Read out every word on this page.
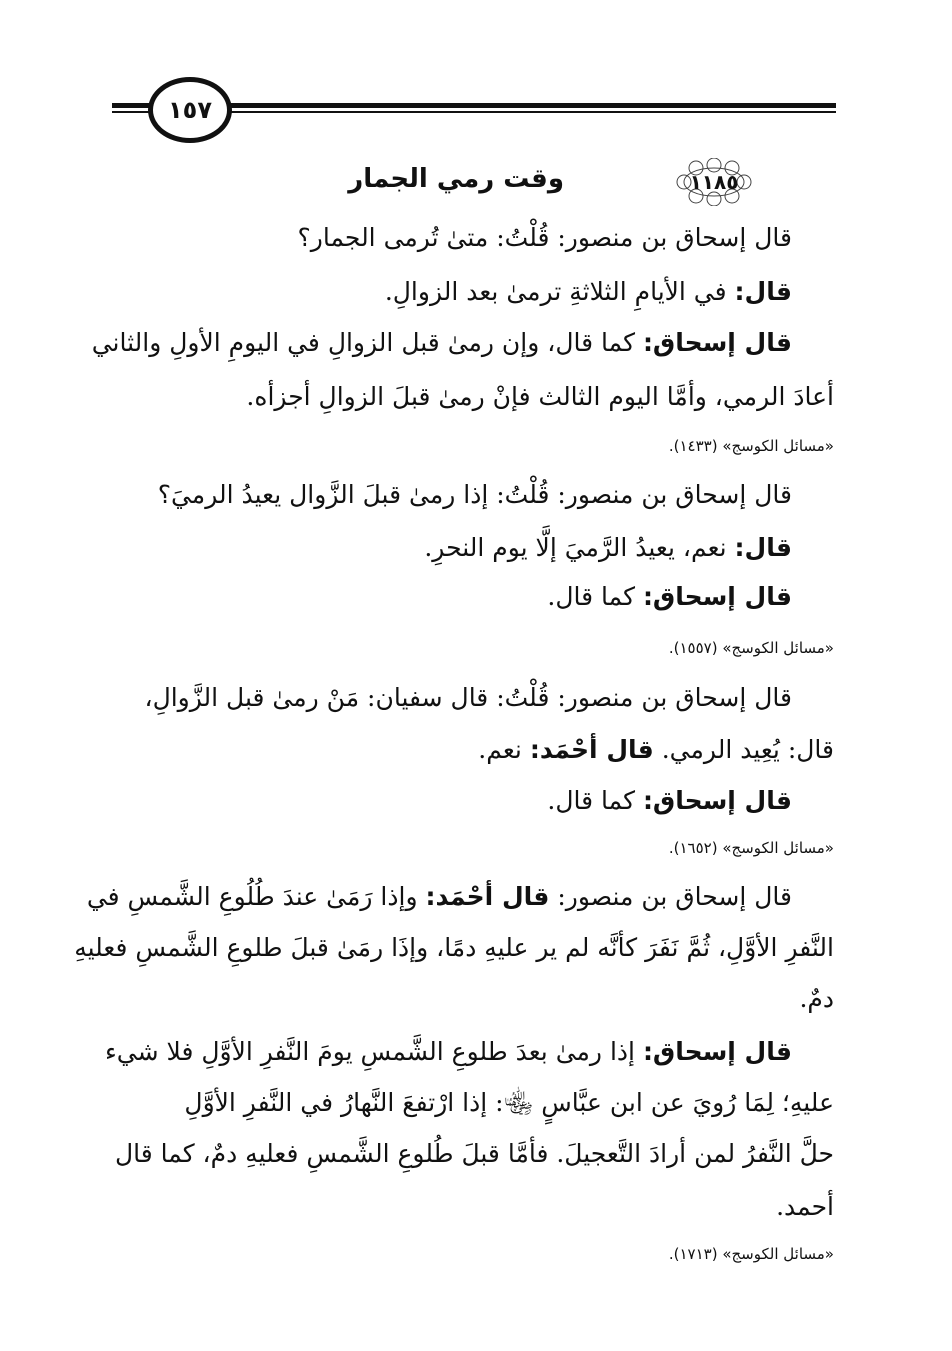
١٥٧
١١٨٥
وقت رمي الجمار
قال إسحاق بن منصور: قُلْتُ: متىٰ تُرمى الجمار؟
قال: في الأيامِ الثلاثةِ ترمىٰ بعد الزوالِ.
قال إسحاق: كما قال، وإن رمىٰ قبل الزوالِ في اليومِ الأولِ والثاني
أعادَ الرمي، وأمَّا اليوم الثالث فإنْ رمىٰ قبلَ الزوالِ أجزأه.
«مسائل الكوسج» (١٤٣٣).
قال إسحاق بن منصور: قُلْتُ: إذا رمىٰ قبلَ الزَّوال يعيدُ الرميَ؟
قال: نعم، يعيدُ الرَّميَ إلَّا يوم النحرِ.
قال إسحاق: كما قال.
«مسائل الكوسج» (١٥٥٧).
قال إسحاق بن منصور: قُلْتُ: قال سفيان: مَنْ رمىٰ قبل الزَّوالِ،
قال: يُعِيد الرمي. قال أحْمَد: نعم.
قال إسحاق: كما قال.
«مسائل الكوسج» (١٦٥٢).
قال إسحاق بن منصور: قال أحْمَد: وإذا رَمَىٰ عندَ طُلُوعِ الشَّمسِ في
النَّفرِ الأوَّلِ، ثُمَّ نَفَرَ كأنَّه لم ير عليهِ دمًا، وإذَا رمَىٰ قبلَ طلوعِ الشَّمسِ فعليهِ
دمٌ.
قال إسحاق: إذا رمىٰ بعدَ طلوعِ الشَّمسِ يومَ النَّفرِ الأوَّلِ فلا شيء
عليهِ؛ لِمَا رُويَ عن ابن عبَّاسٍ ﵄: إذا ارْتفعَ النَّهارُ في النَّفرِ الأوَّلِ
حلَّ النَّفرُ لمن أرادَ التَّعجيلَ. فأمَّا قبلَ طُلوعِ الشَّمسِ فعليهِ دمٌ، كما قال
أحمد.
«مسائل الكوسج» (١٧١٣).
